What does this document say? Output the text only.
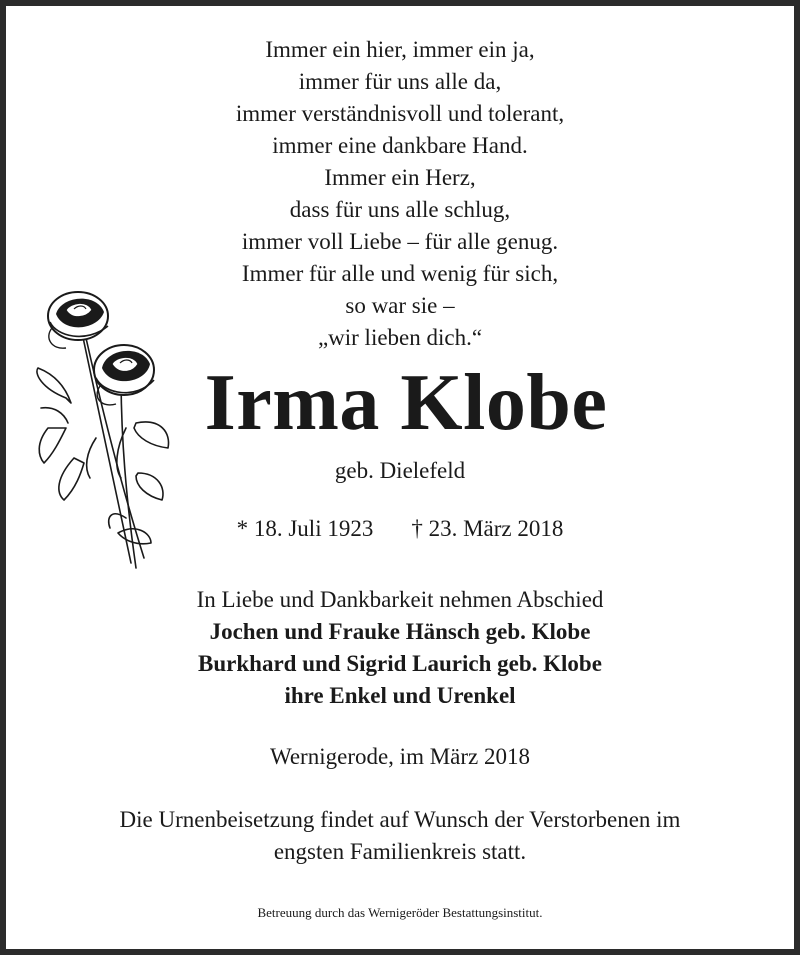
Immer ein hier, immer ein ja,
immer für uns alle da,
immer verständnisvoll und tolerant,
immer eine dankbare Hand.
Immer ein Herz,
dass für uns alle schlug,
immer voll Liebe – für alle genug.
Immer für alle und wenig für sich,
so war sie –
„wir lieben dich.“
Irma Klobe
geb. Dielefeld
* 18. Juli 1923 † 23. März 2018
In Liebe und Dankbarkeit nehmen Abschied
Jochen und Frauke Hänsch geb. Klobe
Burkhard und Sigrid Laurich geb. Klobe
ihre Enkel und Urenkel
Wernigerode, im März 2018
Die Urnenbeisetzung findet auf Wunsch der Verstorbenen im
engsten Familienkreis statt.
Betreuung durch das Wernigeröder Bestattungsinstitut.
